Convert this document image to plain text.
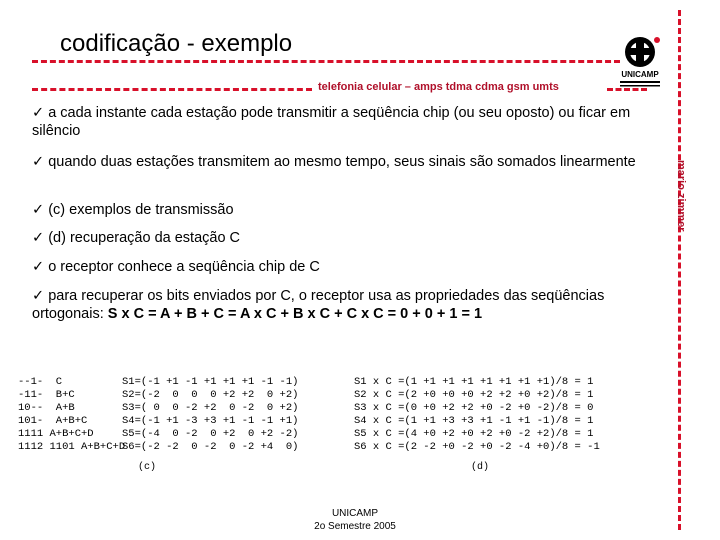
codificação - exemplo
telefonia celular – amps tdma cdma gsm umts
mario zimmer
UNICAMP
✓ a cada instante cada estação pode transmitir a seqüência chip (ou seu oposto) ou ficar em silêncio
✓ quando duas estações transmitem ao mesmo tempo, seus sinais são somados linearmente
✓ (c) exemplos de transmissão
✓ (d) recuperação da estação C
✓ o receptor conhece a seqüência chip de C
✓ para recuperar os bits enviados por C, o receptor usa as propriedades das seqüências ortogonais: S x C = A + B + C = A x C + B x C + C x C = 0 + 0 + 1 = 1
--1-  C
-11-  B+C
10--  A+B
101-  A+B+C
1111 A+B+C+D
1112 1101 A+B+C+D
S1=(-1 +1 -1 +1 +1 +1 -1 -1)
S2=(-2  0  0  0 +2 +2  0 +2)
S3=( 0  0 -2 +2  0 -2  0 +2)
S4=(-1 +1 -3 +3 +1 -1 -1 +1)
S5=(-4  0 -2  0 +2  0 +2 -2)
S6=(-2 -2  0 -2  0 -2 +4  0)
(c)
S1 x C =(1 +1 +1 +1 +1 +1 +1 +1)/8 = 1
S2 x C =(2 +0 +0 +0 +2 +2 +0 +2)/8 = 1
S3 x C =(0 +0 +2 +2 +0 -2 +0 -2)/8 = 0
S4 x C =(1 +1 +3 +3 +1 -1 +1 -1)/8 = 1
S5 x C =(4 +0 +2 +0 +2 +0 -2 +2)/8 = 1
S6 x C =(2 -2 +0 -2 +0 -2 -4 +0)/8 = -1
(d)
UNICAMP
2o Semestre 2005
